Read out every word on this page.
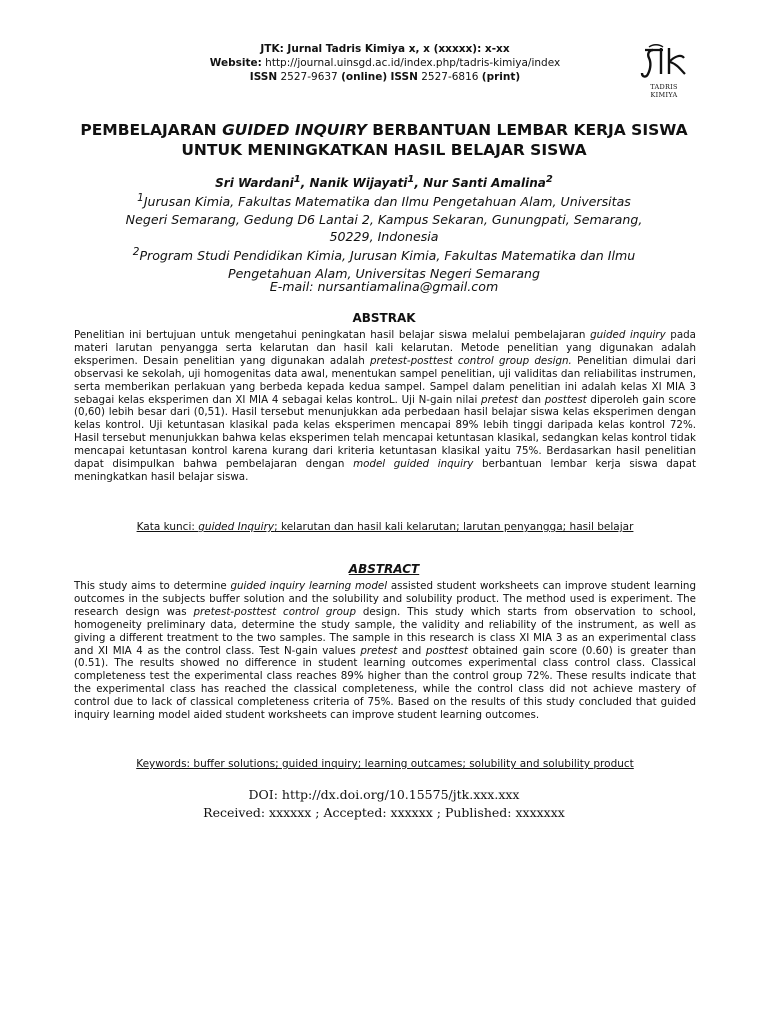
JTK: Jurnal Tadris Kimiya x, x (xxxxx): x-xx
Website: http://journal.uinsgd.ac.id/index.php/tadris-kimiya/index
ISSN 2527-9637 (online) ISSN 2527-6816 (print)
TADRIS KIMIYA
PEMBELAJARAN GUIDED INQUIRY BERBANTUAN LEMBAR KERJA SISWA
UNTUK MENINGKATKAN HASIL BELAJAR SISWA
Sri Wardani$^1$, Nanik Wijayati$^1$, Nur Santi Amalina$^2$
$^1$Jurusan Kimia, Fakultas Matematika dan Ilmu Pengetahuan Alam, Universitas Negeri Semarang, Gedung D6 Lantai 2, Kampus Sekaran, Gunungpati, Semarang, 50229, Indonesia
$^2$Program Studi Pendidikan Kimia, Jurusan Kimia, Fakultas Matematika dan Ilmu Pengetahuan Alam, Universitas Negeri Semarang
E-mail: nursantiamalina@gmail.com
ABSTRAK
Penelitian ini bertujuan untuk mengetahui peningkatan hasil belajar siswa melalui pembelajaran guided inquiry pada materi larutan penyangga serta kelarutan dan hasil kali kelarutan. Metode penelitian yang digunakan adalah eksperimen. Desain penelitian yang digunakan adalah pretest-posttest control group design. Penelitian dimulai dari observasi ke sekolah, uji homogenitas data awal, menentukan sampel penelitian, uji validitas dan reliabilitas instrumen, serta memberikan perlakuan yang berbeda kepada kedua sampel. Sampel dalam penelitian ini adalah kelas XI MIA 3 sebagai kelas eksperimen dan XI MIA 4 sebagai kelas kontroL. Uji N-gain nilai pretest dan posttest diperoleh gain score (0,60) lebih besar dari (0,51). Hasil tersebut menunjukkan ada perbedaan hasil belajar siswa kelas eksperimen dengan kelas kontrol. Uji ketuntasan klasikal pada kelas eksperimen mencapai 89% lebih tinggi daripada kelas kontrol 72%. Hasil tersebut menunjukkan bahwa kelas eksperimen telah mencapai ketuntasan klasikal, sedangkan kelas kontrol tidak mencapai ketuntasan kontrol karena kurang dari kriteria ketuntasan klasikal yaitu 75%. Berdasarkan hasil penelitian dapat disimpulkan bahwa pembelajaran dengan model guided inquiry berbantuan lembar kerja siswa dapat meningkatkan hasil belajar siswa.
Kata kunci: guided Inquiry; kelarutan dan hasil kali kelarutan; larutan penyangga; hasil belajar
ABSTRACT
This study aims to determine guided inquiry learning model assisted student worksheets can improve student learning outcomes in the subjects buffer solution and the solubility and solubility product. The method used is experiment. The research design was pretest-posttest control group design. This study which starts from observation to school, homogeneity preliminary data, determine the study sample, the validity and reliability of the instrument, as well as giving a different treatment to the two samples. The sample in this research is class XI MIA 3 as an experimental class and XI MIA 4 as the control class. Test N-gain values pretest and posttest obtained gain score (0.60) is greater than (0.51). The results showed no difference in student learning outcomes experimental class control class. Classical completeness test the experimental class reaches 89% higher than the control group 72%. These results indicate that the experimental class has reached the classical completeness, while the control class did not achieve mastery of control due to lack of classical completeness criteria of 75%. Based on the results of this study concluded that guided inquiry learning model aided student worksheets can improve student learning outcomes.
Keywords: buffer solutions; guided inquiry; learning outcames; solubility and solubility product
DOI: http://dx.doi.org/10.15575/jtk.xxx.xxx
Received: xxxxxx ; Accepted: xxxxxx ; Published: xxxxxxx
